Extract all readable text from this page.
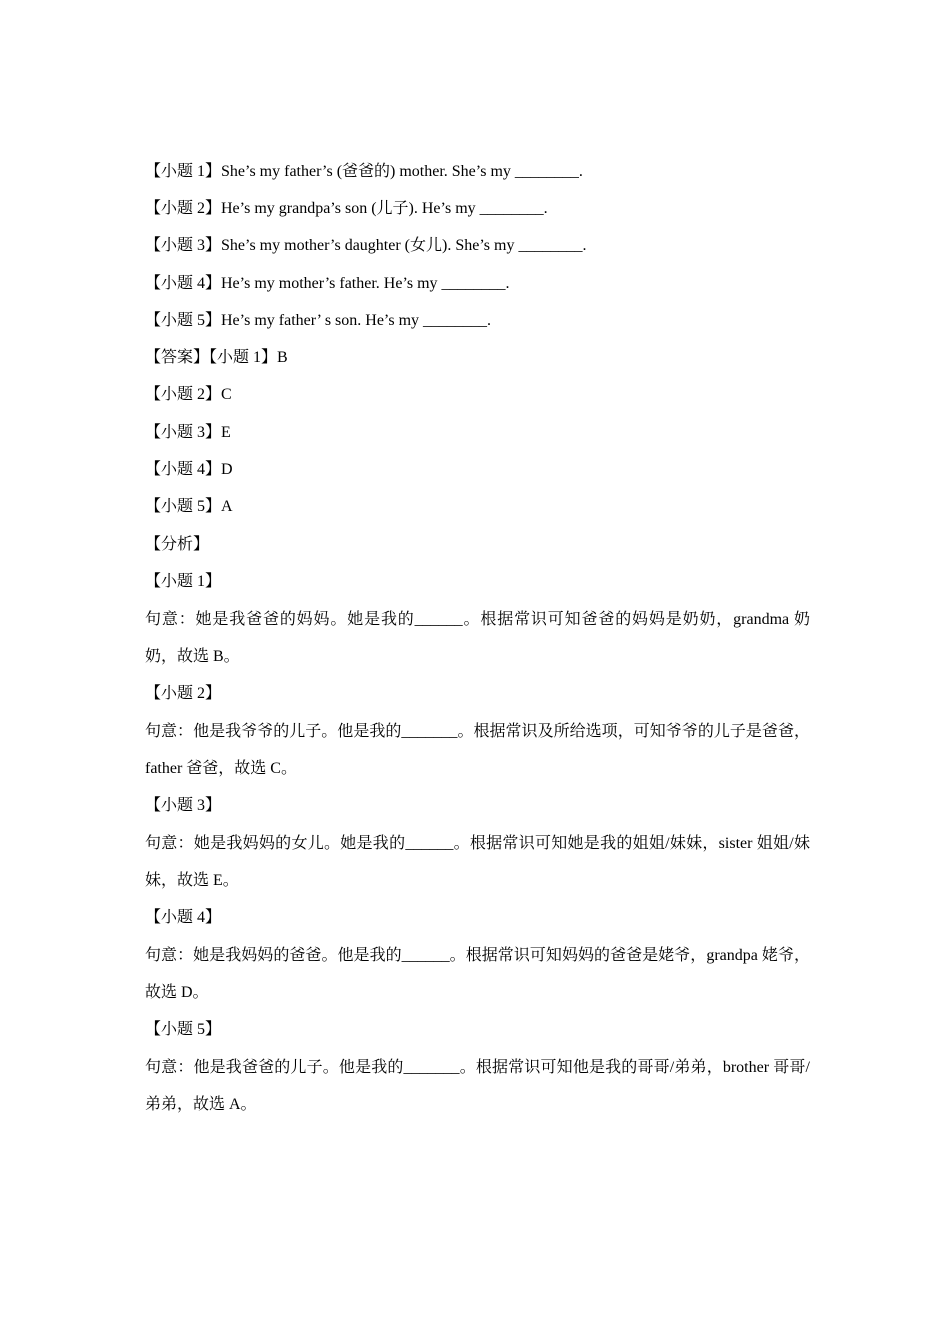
【小题 1】She’s my father’s (爸爸的) mother. She’s my ________.
【小题 2】He’s my grandpa’s son (儿子). He’s my ________.
【小题 3】She’s my mother’s daughter (女儿). She’s my ________.
【小题 4】He’s my mother’s father. He’s my ________.
【小题 5】He’s my father’ s son. He’s my ________.
【答案】【小题 1】B
【小题 2】C
【小题 3】E
【小题 4】D
【小题 5】A
【分析】
【小题 1】
句意：她是我爸爸的妈妈。她是我的______。根据常识可知爸爸的妈妈是奶奶，grandma 奶奶，故选 B。
【小题 2】
句意：他是我爷爷的儿子。他是我的_______。根据常识及所给选项，可知爷爷的儿子是爸爸，father 爸爸，故选 C。
【小题 3】
句意：她是我妈妈的女儿。她是我的______。根据常识可知她是我的姐姐/妹妹，sister 姐姐/妹妹，故选 E。
【小题 4】
句意：她是我妈妈的爸爸。他是我的______。根据常识可知妈妈的爸爸是姥爷，grandpa 姥爷，故选 D。
【小题 5】
句意：他是我爸爸的儿子。他是我的_______。根据常识可知他是我的哥哥/弟弟，brother 哥哥/弟弟，故选 A。
